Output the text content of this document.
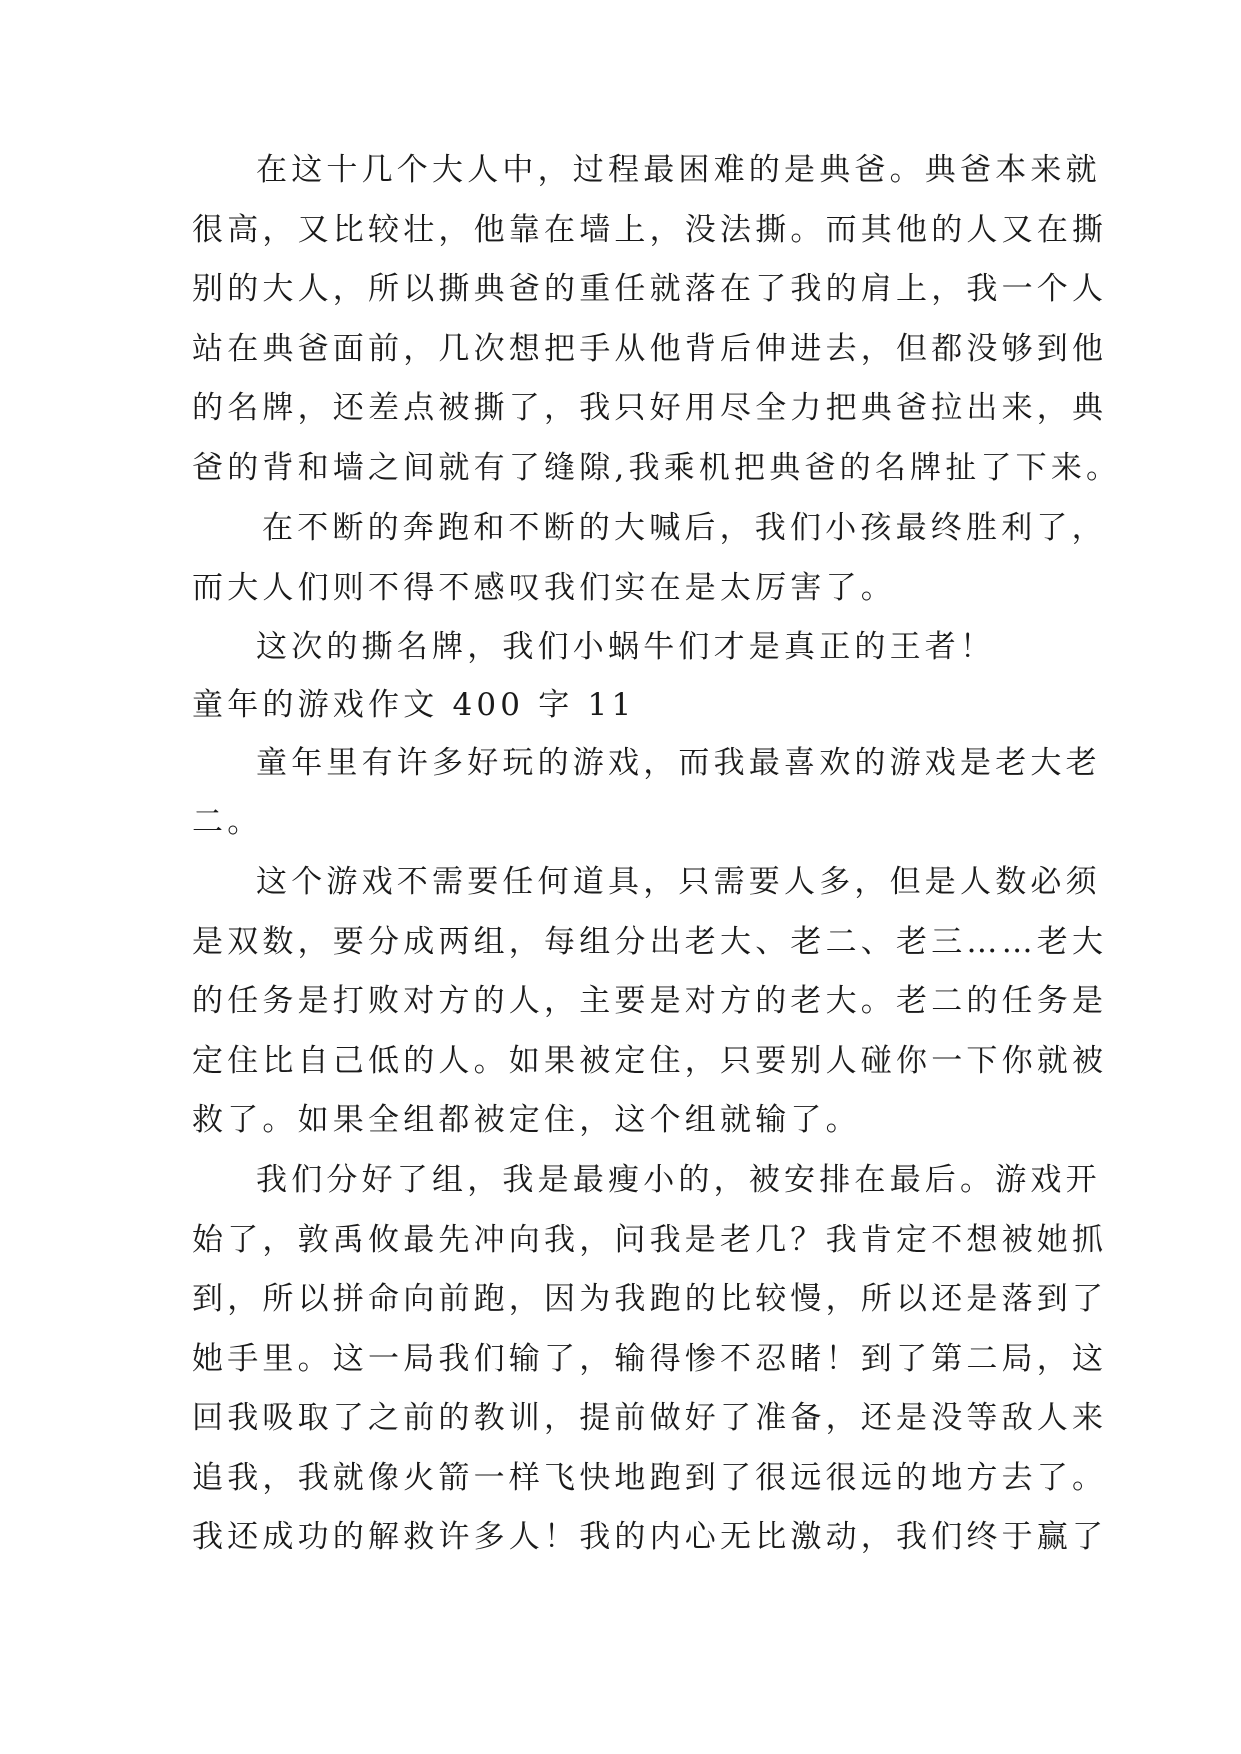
在这十几个大人中，过程最困难的是典爸。典爸本来就
很高，又比较壮，他靠在墙上，没法撕。而其他的人又在撕
别的大人，所以撕典爸的重任就落在了我的肩上，我一个人
站在典爸面前，几次想把手从他背后伸进去，但都没够到他
的名牌，还差点被撕了，我只好用尽全力把典爸拉出来，典
爸的背和墙之间就有了缝隙,我乘机把典爸的名牌扯了下来。
在不断的奔跑和不断的大喊后，我们小孩最终胜利了，
而大人们则不得不感叹我们实在是太厉害了。
这次的撕名牌，我们小蜗牛们才是真正的王者！
童年的游戏作文 400 字 11
童年里有许多好玩的游戏，而我最喜欢的游戏是老大老
二。
这个游戏不需要任何道具，只需要人多，但是人数必须
是双数，要分成两组，每组分出老大、老二、老三……老大
的任务是打败对方的人，主要是对方的老大。老二的任务是
定住比自己低的人。如果被定住，只要别人碰你一下你就被
救了。如果全组都被定住，这个组就输了。
我们分好了组，我是最瘦小的，被安排在最后。游戏开
始了，敦禹攸最先冲向我，问我是老几？我肯定不想被她抓
到，所以拼命向前跑，因为我跑的比较慢，所以还是落到了
她手里。这一局我们输了，输得惨不忍睹！到了第二局，这
回我吸取了之前的教训，提前做好了准备，还是没等敌人来
追我，我就像火箭一样飞快地跑到了很远很远的地方去了。
我还成功的解救许多人！我的内心无比激动，我们终于赢了
